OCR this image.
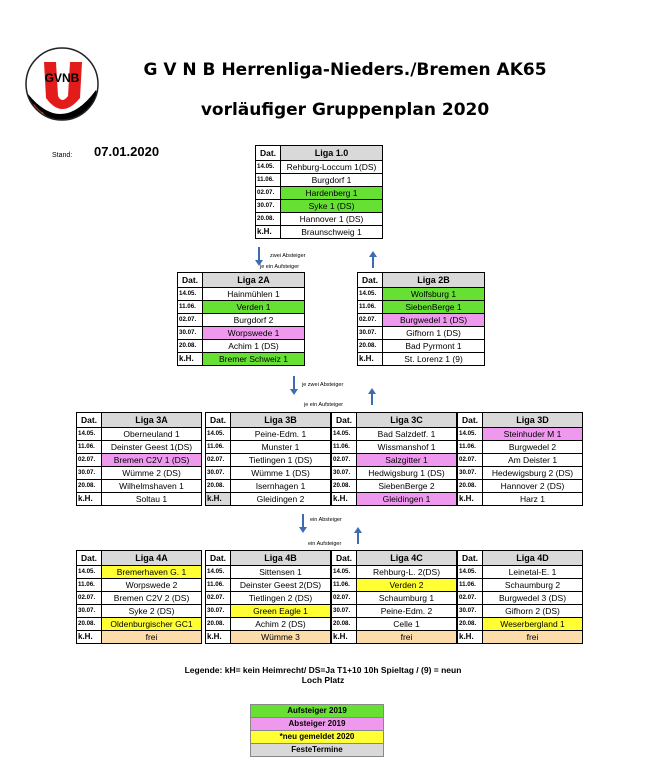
GVNB	G V N B Herrenliga-Nieders./Bremen AK65
vorläufiger Gruppenplan 2020
Stand: 07.01.2020	Dat.	Liga 1.0
14.05.	Rehburg-Loccum 1(DS)
11.06.	Burgdorf 1
02.07.	Hardenberg 1
30.07.	Syke 1 (DS)
20.08.	Hannover 1 (DS)
k.H.	Braunschweig 1
Dat.	Liga 2A
14.05.	Hainmühlen 1
11.06.	Verden 1
02.07.	Burgdorf 2
30.07.	Worpswede 1
20.08.	Achim 1 (DS)
k.H.	Bremer Schweiz 1
Dat.	Liga 2B
14.05.	Wolfsburg 1
11.06.	SiebenBerge 1
02.07.	Burgwedel 1 (DS)
30.07.	Gifhorn 1 (DS)
20.08.	Bad Pyrmont 1
k.H.	St. Lorenz 1 (9)
Dat.	Liga 3A
14.05.	Oberneuland 1
11.06.	Deinster Geest 1(DS)
02.07.	Bremen C2V 1 (DS)
30.07.	Wümme 2 (DS)
20.08.	Wilhelmshaven 1
k.H.	Soltau 1
Dat.	Liga 3B
14.05.	Peine-Edm. 1
11.06.	Munster 1
02.07.	Tietlingen 1 (DS)
30.07.	Wümme 1 (DS)
20.08.	Isernhagen 1
k.H.	Gleidingen 2
Dat.	Liga 3C
14.05.	Bad Salzdetf. 1
11.06.	Wissmanshof 1
02.07.	Salzgitter 1
30.07.	Hedwigsburg 1 (DS)
20.08.	SiebenBerge 2
k.H.	Gleidingen 1
Dat.	Liga 3D
14.05.	Steinhuder M 1
11.06.	Burgwedel 2
02.07.	Am Deister 1
30.07.	Hedewigsburg 2 (DS)
20.08.	Hannover 2 (DS)
k.H.	Harz 1
Dat.	Liga 4A
14.05.	Bremerhaven G. 1
11.06.	Worpswede 2
02.07.	Bremen C2V 2 (DS)
30.07.	Syke 2 (DS)
20.08.	Oldenburgischer GC1
k.H.	frei
Dat.	Liga 4B
14.05.	Sittensen 1
11.06.	Deinster Geest 2(DS)
02.07.	Tietlingen 2 (DS)
30.07.	Green Eagle 1
20.08.	Achim 2 (DS)
k.H.	Wümme 3
Dat.	Liga 4C
14.05.	Rehburg-L. 2(DS)
11.06.	Verden 2
02.07.	Schaumburg 1
30.07.	Peine-Edm. 2
20.08.	Celle 1
k.H.	frei
Dat.	Liga 4D
14.05.	Leinetal-E. 1
11.06.	Schaumburg 2
02.07.	Burgwedel 3 (DS)
30.07.	Gifhorn 2 (DS)
20.08.	Weserbergland 1
k.H.	frei
zwei Absteiger
je ein Aufsteiger
je zwei Absteiger
je ein Aufsteiger
ein Absteiger
ein Aufsteiger
Legende: kH= kein Heimrecht/ DS=Ja T1+10 10h Spieltag / (9) = neun Loch Platz
Aufsteiger 2019
Absteiger 2019
*neu gemeldet 2020
FesteTermine
